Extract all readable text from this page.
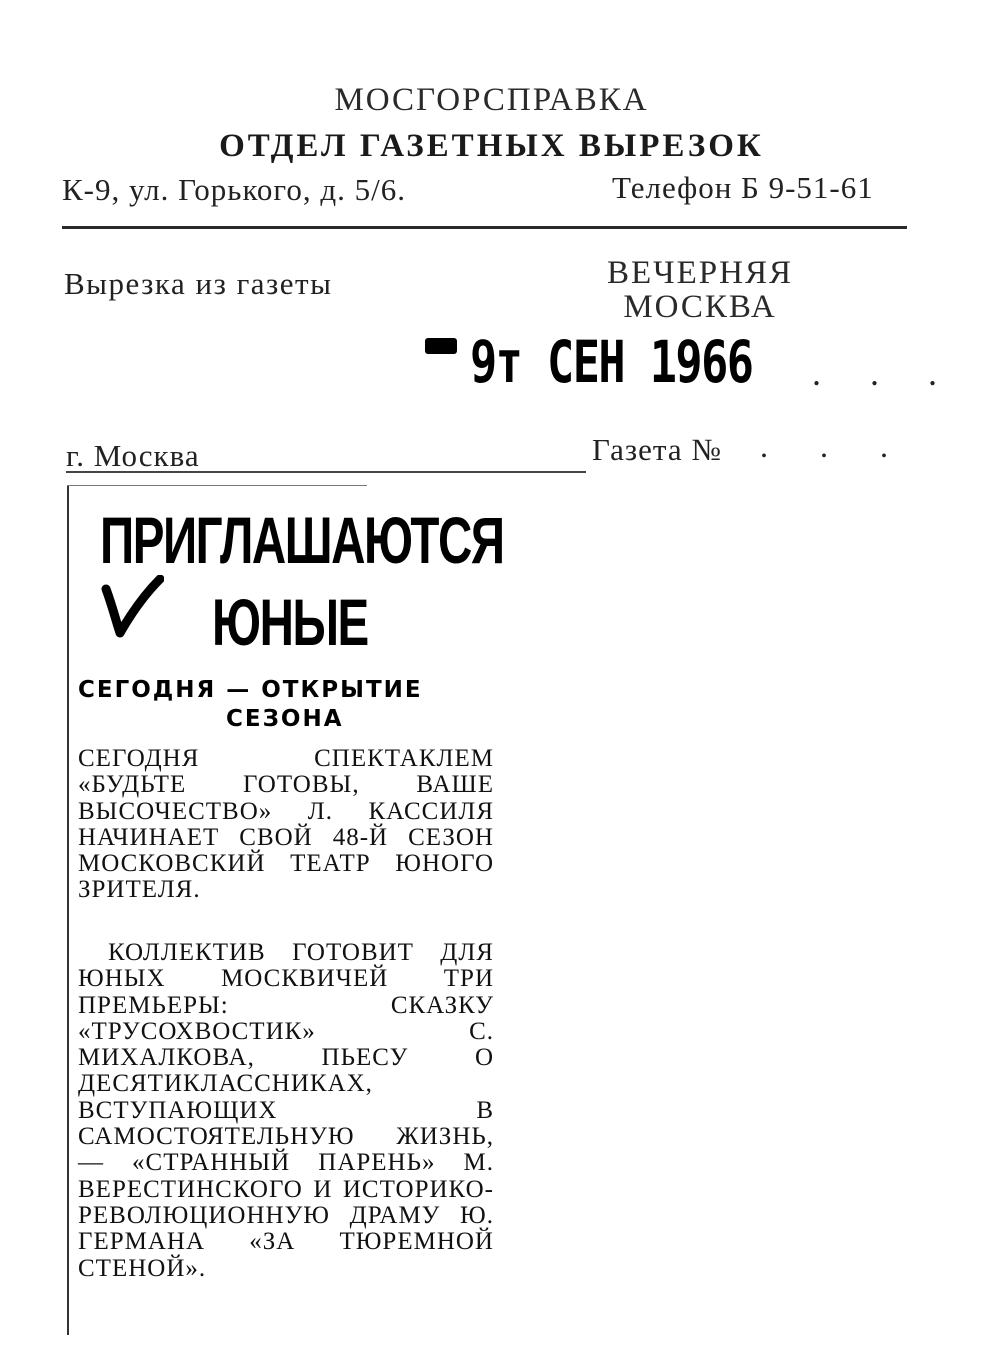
МОСГОРСПРАВКА
ОТДЕЛ ГАЗЕТНЫХ ВЫРЕЗОК
К-9, ул. Горького, д. 5/6.	Телефон Б 9-51-61
Вырезка из газеты	ВЕЧЕРНЯЯ
МОСКВА
9т СЕН 1966 . . .
г. Москва	Газета № . . .
ПРИГЛАШАЮТСЯ
ЮНЫЕ
СЕГОДНЯ — ОТКРЫТИЕ
СЕЗОНА
СЕГОДНЯ СПЕКТАКЛЕМ «БУДЬТЕ ГОТОВЫ, ВАШЕ ВЫСОЧЕСТВО» Л. КАССИЛЯ НАЧИНАЕТ СВОЙ 48-Й СЕЗОН МОСКОВСКИЙ ТЕАТР ЮНОГО ЗРИТЕЛЯ.
КОЛЛЕКТИВ ГОТОВИТ ДЛЯ ЮНЫХ МОСКВИЧЕЙ ТРИ ПРЕМЬЕРЫ: СКАЗКУ «ТРУСОХВОСТИК» С. МИХАЛКОВА, ПЬЕСУ О ДЕСЯТИКЛАССНИКАХ, ВСТУПАЮЩИХ В САМОСТОЯТЕЛЬНУЮ ЖИЗНЬ, — «СТРАННЫЙ ПАРЕНЬ» М. ВЕРЕСТИНСКОГО И ИСТОРИКО-РЕВОЛЮЦИОННУЮ ДРАМУ Ю. ГЕРМАНА «ЗА ТЮРЕМНОЙ СТЕНОЙ».
